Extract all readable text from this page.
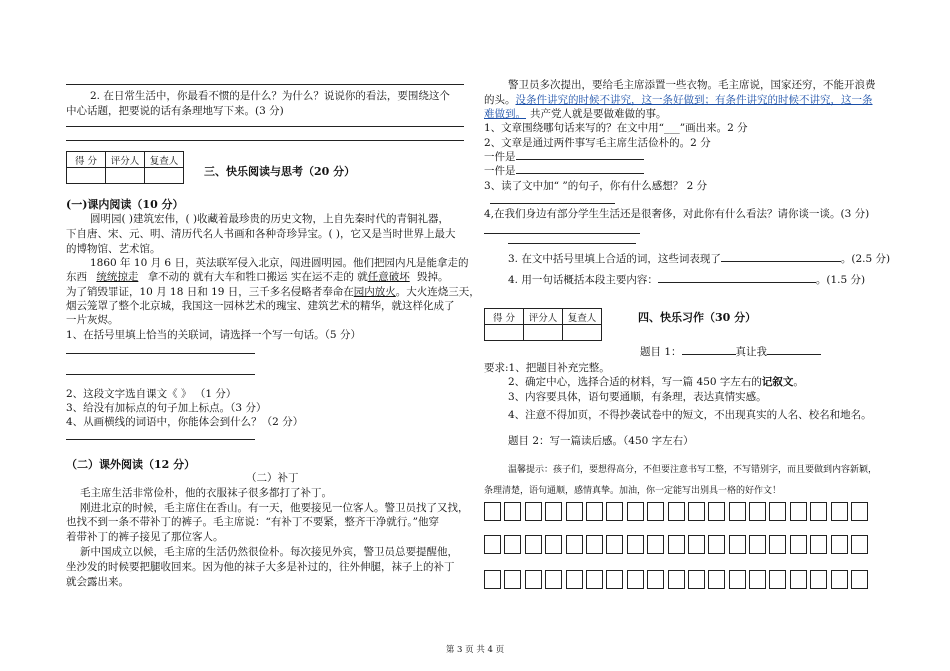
2. 在日常生活中，你最看不惯的是什么？为什么？说说你的看法，要围绕这个
中心话题，把要说的话有条理地写下来。(3 分)
得 分	评分人	复查人

三、快乐阅读与思考（20 分）
(一)课内阅读（10 分）
圆明园( )建筑宏伟，( )收藏着最珍贵的历史文物，上自先秦时代的青铜礼器，
下自唐、宋、元、明、清历代名人书画和各种奇珍异宝。( )，它又是当时世界上最大
的博物馆、艺术馆。
1860 年 10 月 6 日，英法联军侵入北京，闯进圆明园。他们把园内凡是能拿走的
东西 统统掠走 拿不动的 就有大车和牲口搬运 实在运不走的 就任意破坏 毁掉。
为了销毁罪证，10 月 18 日和 19 日，三千多名侵略者奉命在园内放火。大火连烧三天，
烟云笼罩了整个北京城，我国这一园林艺术的瑰宝、建筑艺术的精华，就这样化成了
一片灰烬。
1、在括号里填上恰当的关联词，请选择一个写一句话。（5 分）
2、这段文字选自课文《 》 （1 分）
3、给没有加标点的句子加上标点。（3 分）
4、从画横线的词语中，你能体会到什么？（2 分）
（二）课外阅读（12 分）
（二）补丁
毛主席生活非常俭朴，他的衣服袜子很多都打了补丁。
刚进北京的时候，毛主席住在香山。有一天，他要接见一位客人。警卫员找了又找，
也找不到一条不带补丁的裤子。毛主席说：“有补丁不要紧，整齐干净就行。”他穿
着带补丁的裤子接见了那位客人。
新中国成立以候，毛主席的生活仍然很俭朴。每次接见外宾，警卫员总要提醒他，
坐沙发的时候要把腿收回来。因为他的袜子大多是补过的，往外伸腿，袜子上的补丁
就会露出来。
警卫员多次提出，要给毛主席添置一些衣物。毛主席说，国家还穷，不能开浪费
的头。没条件讲究的时候不讲究，这一条好做到；有条件讲究的时候不讲究，这一条
难做到。 共产党人就是要做难做的事。
1、文章围绕哪句话来写的？在文中用“___”画出来。2 分
2、文章是通过两件事写毛主席生活俭朴的。2 分
一件是
一件是
3、读了文中加“ ”的句子，你有什么感想？ 2 分
4,在我们身边有部分学生生活还是很奢侈，对此你有什么看法？请你谈一谈。(3 分)
3. 在文中括号里填上合适的词，这些词表现了	。(2.5 分)
4. 用一句话概括本段主要内容：	。(1.5 分)
得 分	评分人	复查人
			四、快乐习作（30 分）
题目 1：	真让我
要求:1、把题目补充完整。
2、确定中心，选择合适的材料，写一篇 450 字左右的记叙文。
3、内容要具体，语句要通顺，有条理，表达真情实感。
4、注意不得加页，不得抄袭试卷中的短文，不出现真实的人名、校名和地名。
题目 2：写一篇读后感。（450 字左右）
温馨提示：孩子们，要想得高分，不但要注意书写工整，不写错别字，而且要做到内容新颖，
条理清楚，语句通顺，感情真挚。加油，你一定能写出别具一格的好作文！
第 3 页 共 4 页
